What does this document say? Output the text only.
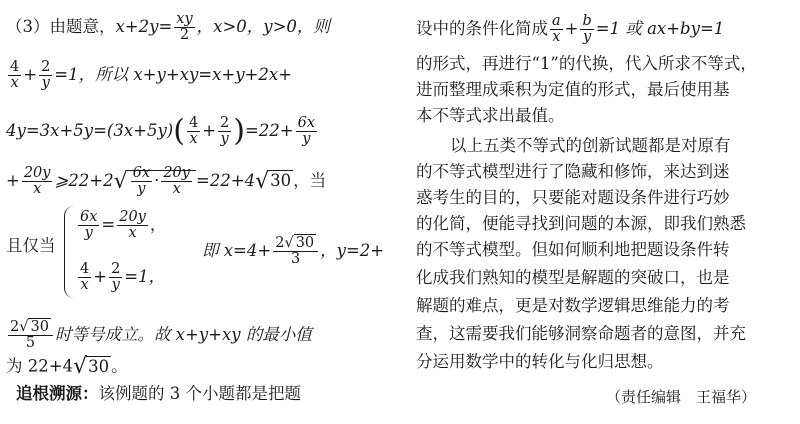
（3）由题意，$x+2y= \frac{xy}{2}$ ，x>0，y>0，则
$\frac{4}{x} + \frac{2}{y} =1$，所以 x+y+xy=x+y+2x+
$4y=3x+5y=(3x+5y)( \frac{4}{x} + \frac{2}{y} )=22+ \frac{6x}{y}$
+ $\frac{20y}{x}$ ⩾22+2√ $\frac{6x}{y} \cdot \frac{20y}{x} =22+4√30$ ，当
且仅当
$\frac{6x}{y} = \frac{20y}{x}$ ，
$\frac{4}{x} + \frac{2}{y} =1$，
即 $x=4+ \frac{2√ 30}{3}$ ，y=2+
$\frac{2√ 30}{5}$ 时等号成立。故 x+y+xy 的最小值
为 22+4√30 。
追根溯源：该例题的 3 个小题都是把题
设中的条件化简成 $\frac{a}{x} + \frac{b}{y} =1$ 或 ax+by=1
的形式，再进行“1”的代换，代入所求不等式，
进而整理成乘积为定值的形式，最后使用基
本不等式求出最值。
以上五类不等式的创新试题都是对原有
的不等式模型进行了隐藏和修饰，来达到迷
惑考生的目的，只要能对题设条件进行巧妙
的化简，便能寻找到问题的本源，即我们熟悉
的不等式模型。但如何顺利地把题设条件转
化成我们熟知的模型是解题的突破口，也是
解题的难点，更是对数学逻辑思维能力的考
查，这需要我们能够洞察命题者的意图，并充
分运用数学中的转化与化归思想。
（责任编辑　王福华）
